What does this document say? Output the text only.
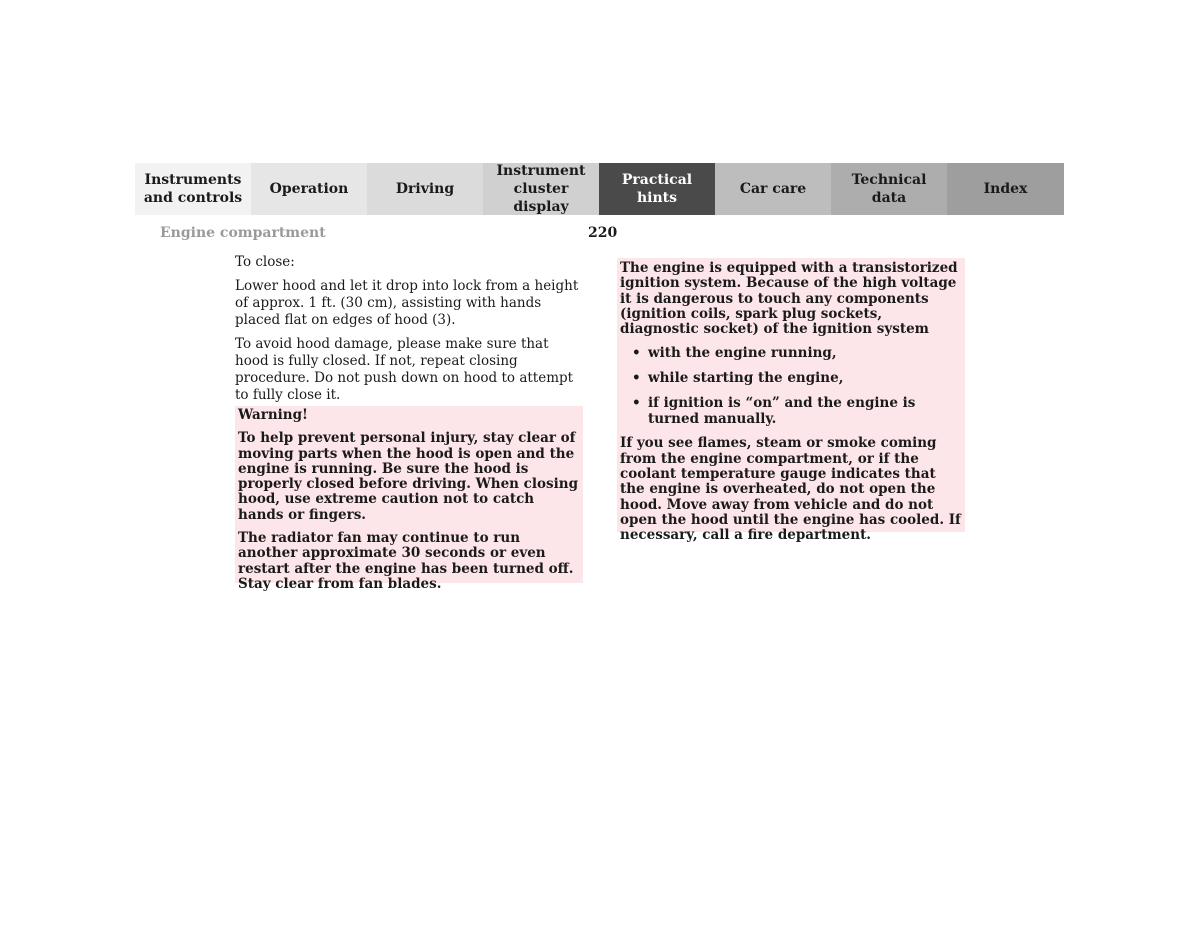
Instruments
and controls
Operation	Driving
Instrument
cluster display
Practical hints
Car care
Technical
data
Index
Engine compartment	220

To close:

Lower hood and let it drop into lock from a height of approx. 1 ft. (30 cm), assisting with hands placed flat on edges of hood (3).

To avoid hood damage, please make sure that hood is fully closed. If not, repeat closing procedure. Do not push down on hood to attempt to fully close it.

Warning!

To help prevent personal injury, stay clear of moving parts when the hood is open and the engine is running. Be sure the hood is properly closed before driving. When closing hood, use extreme caution not to catch hands or fingers.

The radiator fan may continue to run another approximate 30 seconds or even restart after the engine has been turned off. Stay clear from fan blades.

The engine is equipped with a transistorized ignition system. Because of the high voltage it is dangerous to touch any components (ignition coils, spark plug sockets, diagnostic socket) of the ignition system

• with the engine running,
• while starting the engine,
• if ignition is “on” and the engine is turned manually.

If you see flames, steam or smoke coming from the engine compartment, or if the coolant temperature gauge indicates that the engine is overheated, do not open the hood. Move away from vehicle and do not open the hood until the engine has cooled. If necessary, call a fire department.
